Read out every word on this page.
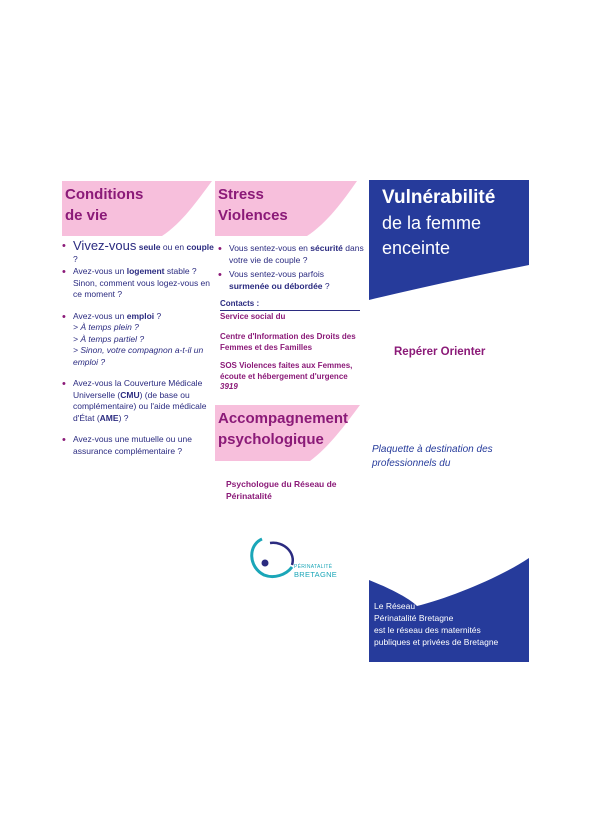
Conditions
de vie
• Vivez-vous seule ou en couple ?
• Avez-vous un logement stable ? Sinon, comment vous logez-vous en ce moment ?
• Avez-vous un emploi ?
> À temps plein ?
> À temps partiel ?
> Sinon, votre compagnon a-t-il un emploi ?
• Avez-vous la Couverture Médicale Universelle (CMU) (de base ou complémentaire) ou l'aide médicale d'État (AME) ?
• Avez-vous une mutuelle ou une assurance complémentaire ?
Stress
Violences
• Vous sentez-vous en sécurité dans votre vie de couple ?
• Vous sentez-vous parfois surmenée ou débordée ?
Contacts :
Service social du
Centre d'Information des Droits des Femmes et des Familles
SOS Violences faites aux Femmes, écoute et hébergement d'urgence
3919
Accompagnement
psychologique
Psychologue du Réseau de Périnatalité
PÉRINATALITÉ
BRETAGNE
Vulnérabilité
de la femme
enceinte
Repérer Orienter
Plaquette à destination des professionnels du
Le Réseau
Périnatalité Bretagne
est le réseau des maternités
publiques et privées de Bretagne
